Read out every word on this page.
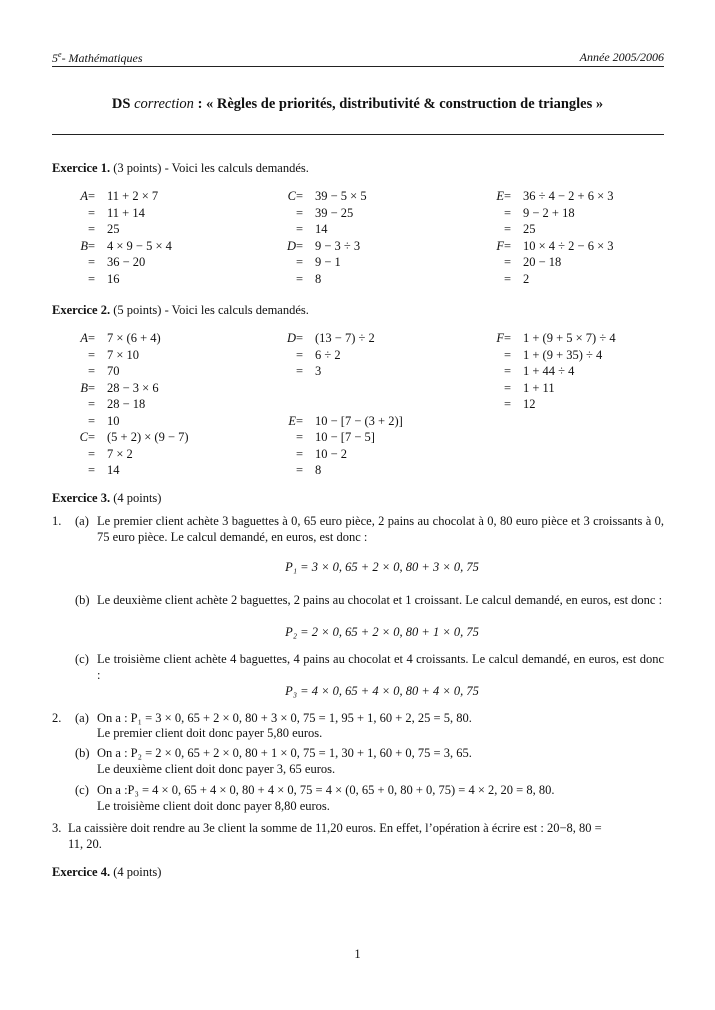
5e- Mathématiques	Année 2005/2006
DS correction : « Règles de priorités, distributivité & construction de triangles »
Exercice 1. (3 points) - Voici les calculs demandés.
A = 11 + 2 × 7
= 11 + 14
= 25
B = 4 × 9 − 5 × 4
= 36 − 20
= 16
C = 39 − 5 × 5
= 39 − 25
= 14
D = 9 − 3 ÷ 3
= 9 − 1
= 8
E = 36 ÷ 4 − 2 + 6 × 3
= 9 − 2 + 18
= 25
F = 10 × 4 ÷ 2 − 6 × 3
= 20 − 18
= 2
Exercice 2. (5 points) - Voici les calculs demandés.
A = 7 × (6 + 4)
= 7 × 10
= 70
B = 28 − 3 × 6
= 28 − 18
= 10
C = (5 + 2) × (9 − 7)
= 7 × 2
= 14
D = (13 − 7) ÷ 2
= 6 ÷ 2
= 3
E = 10 − [7 − (3 + 2)]
= 10 − [7 − 5]
= 10 − 2
= 8
F = 1 + (9 + 5 × 7) ÷ 4
= 1 + (9 + 35) ÷ 4
= 1 + 44 ÷ 4
= 1 + 11
= 12
Exercice 3. (4 points)
1. (a) Le premier client achète 3 baguettes à 0, 65 euro pièce, 2 pains au chocolat à 0, 80 euro pièce et 3 croissants à 0, 75 euro pièce. Le calcul demandé, en euros, est donc :
P₁ = 3 × 0, 65 + 2 × 0, 80 + 3 × 0, 75
(b) Le deuxième client achète 2 baguettes, 2 pains au chocolat et 1 croissant. Le calcul demandé, en euros, est donc :
P₂ = 2 × 0, 65 + 2 × 0, 80 + 1 × 0, 75
(c) Le troisième client achète 4 baguettes, 4 pains au chocolat et 4 croissants. Le calcul demandé, en euros, est donc :
P₃ = 4 × 0, 65 + 4 × 0, 80 + 4 × 0, 75
2. (a) On a : P₁ = 3 × 0, 65 + 2 × 0, 80 + 3 × 0, 75 = 1, 95 + 1, 60 + 2, 25 = 5, 80.
Le premier client doit donc payer 5,80 euros.
(b) On a : P₂ = 2 × 0, 65 + 2 × 0, 80 + 1 × 0, 75 = 1, 30 + 1, 60 + 0, 75 = 3, 65.
Le deuxième client doit donc payer 3, 65 euros.
(c) On a :P₃ = 4 × 0, 65 + 4 × 0, 80 + 4 × 0, 75 = 4 × (0, 65 + 0, 80 + 0, 75) = 4 × 2, 20 = 8, 80.
Le troisième client doit donc payer 8,80 euros.
3. La caissière doit rendre au 3e client la somme de 11,20 euros. En effet, l’opération à écrire est : 20−8, 80 =
11, 20.
Exercice 4. (4 points)
1
